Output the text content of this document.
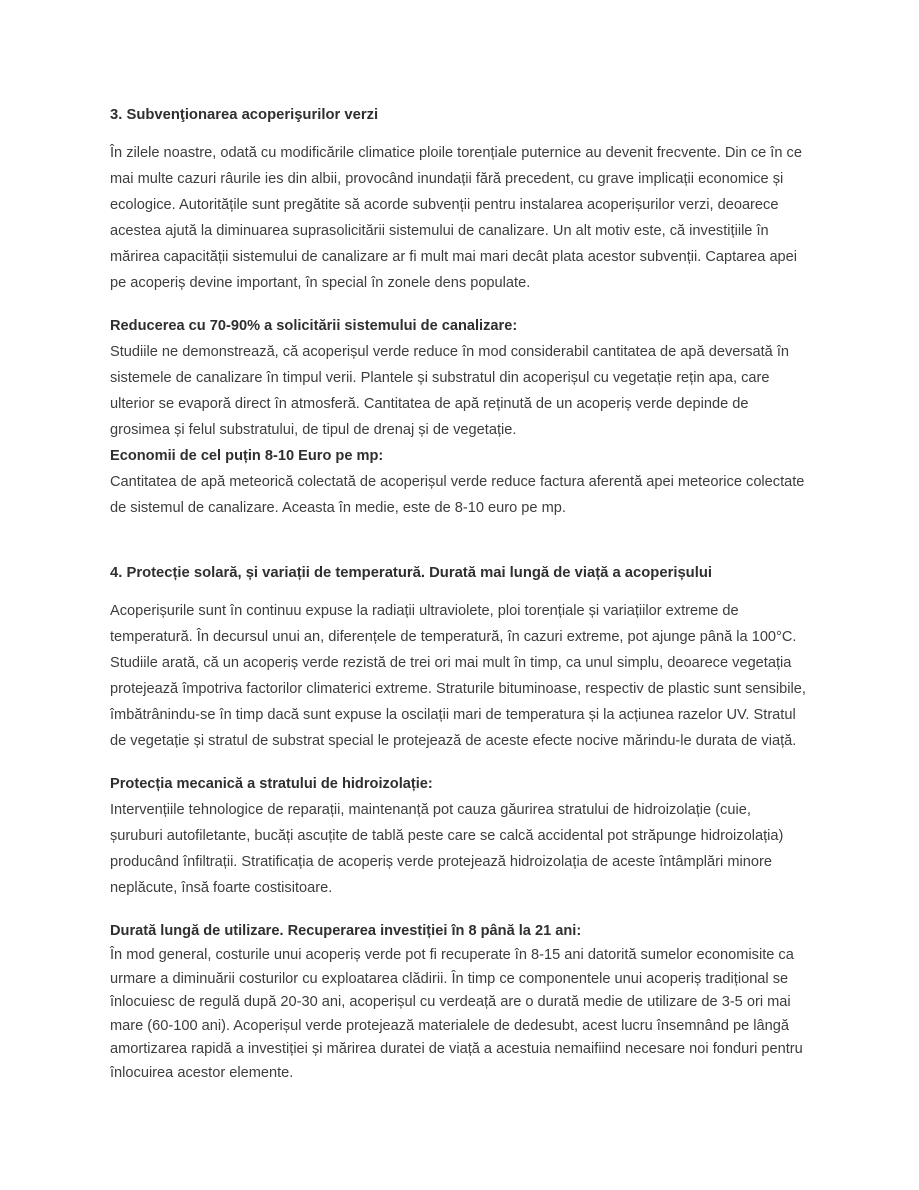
3. Subvenţionarea acoperişurilor verzi

În zilele noastre, odată cu modificările climatice ploile torențiale puternice au devenit frecvente. Din ce în ce mai multe cazuri râurile ies din albii, provocând inundații fără precedent, cu grave implicații economice și ecologice. Autoritățile sunt pregătite să acorde subvenții pentru instalarea acoperișurilor verzi, deoarece acestea ajută la diminuarea suprasolicitării sistemului de canalizare. Un alt motiv este, că investițiile în mărirea capacității sistemului de canalizare ar fi mult mai mari decât plata acestor subvenții. Captarea apei pe acoperiș devine important, în special în zonele dens populate.

Reducerea cu 70-90% a solicitării sistemului de canalizare:
Studiile ne demonstrează, că acoperișul verde reduce în mod considerabil cantitatea de apă deversată în sistemele de canalizare în timpul verii. Plantele și substratul din acoperișul cu vegetație rețin apa, care ulterior se evaporă direct în atmosferă. Cantitatea de apă reținută de un acoperiș verde depinde de grosimea și felul substratului, de tipul de drenaj și de vegetație.
Economii de cel puțin 8-10 Euro pe mp:
Cantitatea de apă meteorică colectată de acoperișul verde reduce factura aferentă apei meteorice colectate de sistemul de canalizare. Aceasta în medie, este de 8-10 euro pe mp.
4. Protecție solară, și variații de temperatură. Durată mai lungă de viață a acoperișului

Acoperișurile sunt în continuu expuse la radiații ultraviolete, ploi torențiale și variațiilor extreme de temperatură. În decursul unui an, diferențele de temperatură, în cazuri extreme, pot ajunge până la 100°C. Studiile arată, că un acoperiș verde rezistă de trei ori mai mult în timp, ca unul simplu, deoarece vegetația protejează împotriva factorilor climaterici extreme. Straturile bituminoase, respectiv de plastic sunt sensibile, îmbătrânindu-se în timp dacă sunt expuse la oscilații mari de temperatura și la acțiunea razelor UV. Stratul de vegetație și stratul de substrat special le protejează de aceste efecte nocive mărindu-le durata de viață.

Protecția mecanică a stratului de hidroizolație:
Intervențiile tehnologice de reparații, maintenanță pot cauza găurirea stratului de hidroizolație (cuie, șuruburi autofiletante, bucăți ascuțite de tablă peste care se calcă accidental pot străpunge hidroizolația) producând înfiltrații. Stratificația de acoperiș verde protejează hidroizolația de aceste întâmplări minore neplăcute, însă foarte costisitoare.
Durată lungă de utilizare. Recuperarea investiției în 8 până la 21 ani:
În mod general, costurile unui acoperiș verde pot fi recuperate în 8-15 ani datorită sumelor economisite ca urmare a diminuării costurilor cu exploatarea clădirii. În timp ce componentele unui acoperiș tradițional se înlocuiesc de regulă după 20-30 ani, acoperișul cu verdeață are o durată medie de utilizare de 3-5 ori mai mare (60-100 ani). Acoperișul verde protejează materialele de dedesubt, acest lucru însemnând pe lângă amortizarea rapidă a investiției și mărirea duratei de viață a acestuia nemaifiind necesare noi fonduri pentru înlocuirea acestor elemente.
